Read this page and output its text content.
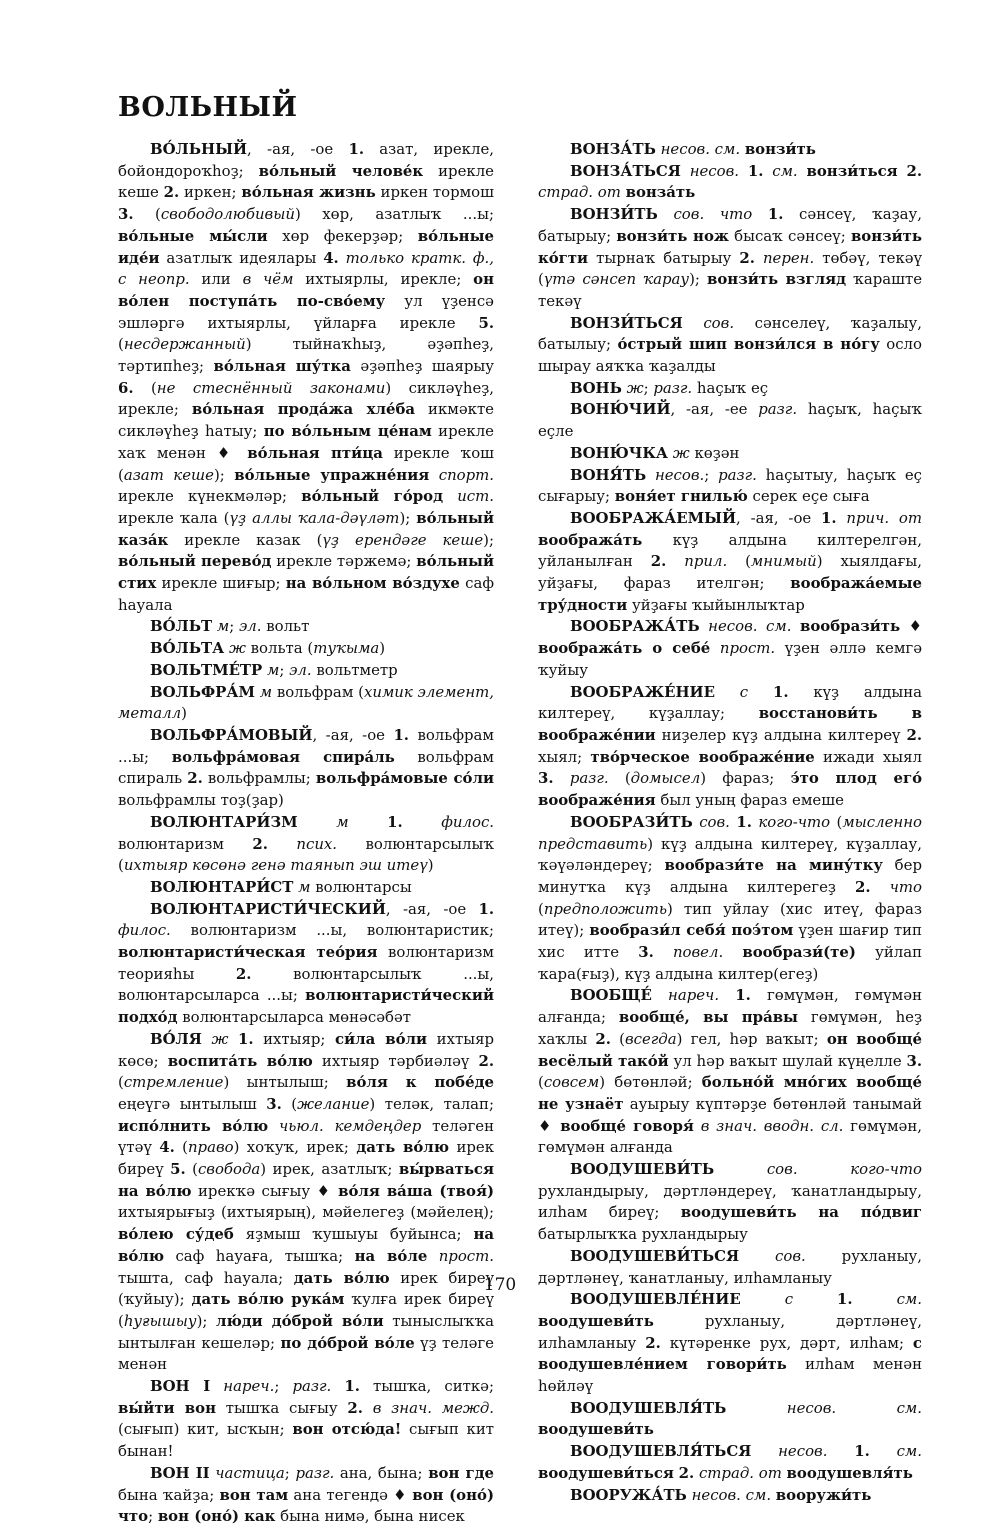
ВОЛЬНЫЙ

ВО́ЛЬНЫЙ, -ая, -ое 1. азат, ирекле, бойондороҡһоҙ; во́льный челове́к ирекле кеше 2. иркен; во́льная жизнь иркен тормош 3. (свободолюбивый) хөр, азатлыҡ ...ы; во́льные мы́сли хөр фекерҙәр; во́льные иде́и азатлыҡ идеялары 4. только кратк. ф., с неопр. или в чём ихтыярлы, ирекле; он во́лен поступа́ть по-сво́ему ул үҙенсә эшләргә ихтыярлы, үйларға ирекле 5. (несдержанный) тыйнаҡһыҙ, әҙәпһеҙ, тәртипһеҙ; во́льная шу́тка әҙәпһеҙ шаярыу 6. (не стеснённый законами) сикләүһеҙ, ирекле; во́льная прода́жа хле́ба икмәкте сикләүһеҙ һатыу; по во́льным це́нам ирекле хаҡ менән ♦ во́льная пти́ца ирекле ҡош (азат кеше); во́льные упражне́ния спорт. ирекле күнекмәләр; во́льный го́род ист. ирекле ҡала (үҙ аллы ҡала-дәүләт); во́льный каза́к ирекле казак (үҙ ерендәге кеше); во́льный перево́д ирекле тәржемә; во́льный стих ирекле шиғыр; на во́льном во́здухе саф һауала

ВО́ЛЬТ м; эл. вольт

ВО́ЛЬТА ж вольта (туҡыма)

ВОЛЬТМЕ́ТР м; эл. вольтметр

ВОЛЬФРА́М м вольфрам (химик элемент, металл)

ВОЛЬФРА́МОВЫЙ, -ая, -ое 1. вольфрам ...ы; вольфра́мовая спира́ль вольфрам спираль 2. вольфрамлы; вольфра́мовые со́ли вольфрамлы тоҙ(ҙар)

ВОЛЮНТАРИ́ЗМ	м	1.	филос. волюнтаризм 2. псих. волюнтарсылыҡ (ихтыяр көсөнә генә таянып эш итеү)

ВОЛЮНТАРИ́СТ м волюнтарсы

ВОЛЮНТАРИСТИ́ЧЕСКИЙ, -ая, -ое 1. филос. волюнтаризм ...ы, волюнтаристик; волюнтаристи́ческая тео́рия волюнтаризм теорияһы 2. волюнтарсылыҡ ...ы, волюнтарсыларса ...ы; волюнтаристи́ческий подхо́д волюнтарсыларса мөнәсәбәт

ВО́ЛЯ ж 1. ихтыяр; си́ла во́ли ихтыяр көсө; воспита́ть во́лю ихтыяр тәрбиәләү 2. (стремление) ынтылыш; во́ля к побе́де еңеүгә ынтылыш 3. (желание) теләк, талап; испо́лнить во́лю чьюл. кемдеңдер теләген үтәү 4. (право) хоҡуҡ, ирек; дать во́лю ирек биреү 5. (свобода) ирек, азатлыҡ; вы́рваться на во́лю ирекҡә сығыу ♦ во́ля ва́ша (твоя́) ихтыярығыҙ (ихтыярың), мәйелегеҙ (мәйелең); во́лею су́деб яҙмыш ҡушыуы буйынса; на во́лю саф һауаға, тышҡа; на во́ле прост. тышта, саф һауала; дать во́лю ирек биреү (ҡуйыу); дать во́лю рука́м ҡулға ирек биреү (һуғышыу); лю́ди до́брой во́ли тыныслыҡҡа ынтылған кешеләр; по до́брой во́ле үҙ теләге менән

ВОН I нареч.; разг. 1. тышҡа, ситкә; вы́йти вон тышҡа сығыу 2. в знач. межд. (сығып) кит, ысҡын; вон отсю́да! сығып кит бынан!

ВОН II частица; разг. ана, бына; вон где бына ҡайҙа; вон там ана тегендә ♦ вон (оно́) что; вон (оно́) как бына нимә, бына нисек

ВОНЗА́ТЬ несов. см. вонзи́ть

ВОНЗА́ТЬСЯ несов. 1. см. вонзи́ться 2. страд. от вонза́ть

ВОНЗИ́ТЬ сов. что 1. сәнсеү, ҡаҙау, батырыу; вонзи́ть нож бысаҡ сәнсеү; вонзи́ть ко́гти тырнаҡ батырыу 2. перен. төбәү, текәү (үтә сәнсеп ҡарау); вонзи́ть взгляд ҡараште текәү

ВОНЗИ́ТЬСЯ сов. сәнселеү, ҡаҙалыу, батылыу; о́стрый шип вонзи́лся в но́гу осло шырау аяҡҡа ҡаҙалды

ВОНЬ ж; разг. һаҫыҡ еҫ

ВОНЮ́ЧИЙ, -ая, -ее разг. һаҫыҡ, һаҫыҡ еҫле

ВОНЮ́ЧКА ж көҙән

ВОНЯ́ТЬ несов.; разг. һаҫытыу, һаҫыҡ еҫ сығарыу; воня́ет гнилью́ серек еҫе сыға

ВООБРАЖА́ЕМЫЙ, -ая, -ое 1. прич. от вообража́ть күҙ алдына килтерелгән, уйланылған 2. прил. (мнимый) хыялдағы, уйҙағы, фараз ителгән; вообража́емые тру́дности уйҙағы ҡыйынлыҡтар

ВООБРАЖА́ТЬ несов. см. вообрази́ть ♦ вообража́ть о себе́ прост. үҙен әллә кемгә ҡуйыу

ВООБРАЖЕ́НИЕ с 1. күҙ алдына килтереү, күҙаллау; восстанови́ть в воображе́нии ниҙелер күҙ алдына килтереү 2. хыял; тво́рческое воображе́ние ижади хыял 3. разг. (домысел) фараз; э́то плод его́ воображе́ния был уның фараз емеше

ВООБРАЗИ́ТЬ сов. 1. кого-что (мысленно представить) күҙ алдына килтереү, күҙаллау, ҡәүәләндереү; вообрази́те на мину́тку бер минутҡа күҙ алдына килтерегеҙ 2. что (предположить) тип уйлау (хис итеү, фараз итеү); вообрази́л себя́ поэ́том үҙен шағир тип хис итте 3. повел. вообрази́(те) уйлап ҡара(ғыҙ), күҙ алдына килтер(егеҙ)

ВООБЩЕ́ нареч. 1. гөмүмән, гөмүмән алғанда; вообще́, вы пра́вы гөмүмән, һеҙ хаҡлы 2. (всегда) гел, һәр ваҡыт; он вообще́ весёлый тако́й ул һәр ваҡыт шулай күңелле 3. (совсем) бөтөнләй; больно́й мно́гих вообще́ не узнаёт ауырыу күптәрҙе бөтөнләй танымай ♦ вообще́ говоря́ в знач. вводн. сл. гөмүмән, гөмүмән алғанда

ВООДУШЕВИ́ТЬ	сов. кого-что рухландырыу, дәртләндереү, ҡанатландырыу, илһам биреү; воодушеви́ть на по́двиг батырлыҡҡа рухландырыу

ВООДУШЕВИ́ТЬСЯ сов. рухланыу, дәртләнеү, ҡанатланыу, илһамланыу

ВООДУШЕВЛЕ́НИЕ	с	1.	см. воодушеви́ть рухланыу, дәртләнеү, илһамланыу 2. күтәренке рух, дәрт, илһам; с воодушевле́нием говори́ть илһам менән һөйләү

ВООДУШЕВЛЯ́ТЬ	несов. см. воодушеви́ть

ВООДУШЕВЛЯ́ТЬСЯ несов. 1. см. воодушеви́ться 2. страд. от воодушевля́ть

ВООРУЖА́ТЬ несов. см. вооружи́ть

170
